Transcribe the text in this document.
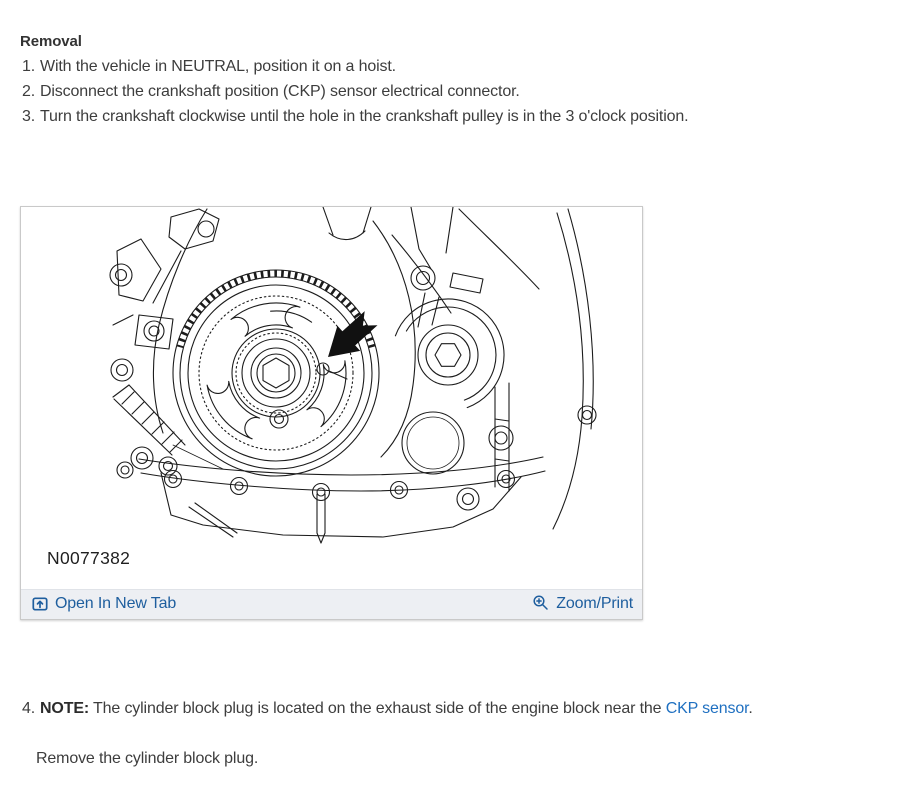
Removal
1. With the vehicle in NEUTRAL, position it on a hoist.
2. Disconnect the crankshaft position (CKP) sensor electrical connector.
3. Turn the crankshaft clockwise until the hole in the crankshaft pulley is in the 3 o'clock position.
N0077382
Open In New Tab	Zoom/Print
4. NOTE: The cylinder block plug is located on the exhaust side of the engine block near the CKP sensor.
Remove the cylinder block plug.
